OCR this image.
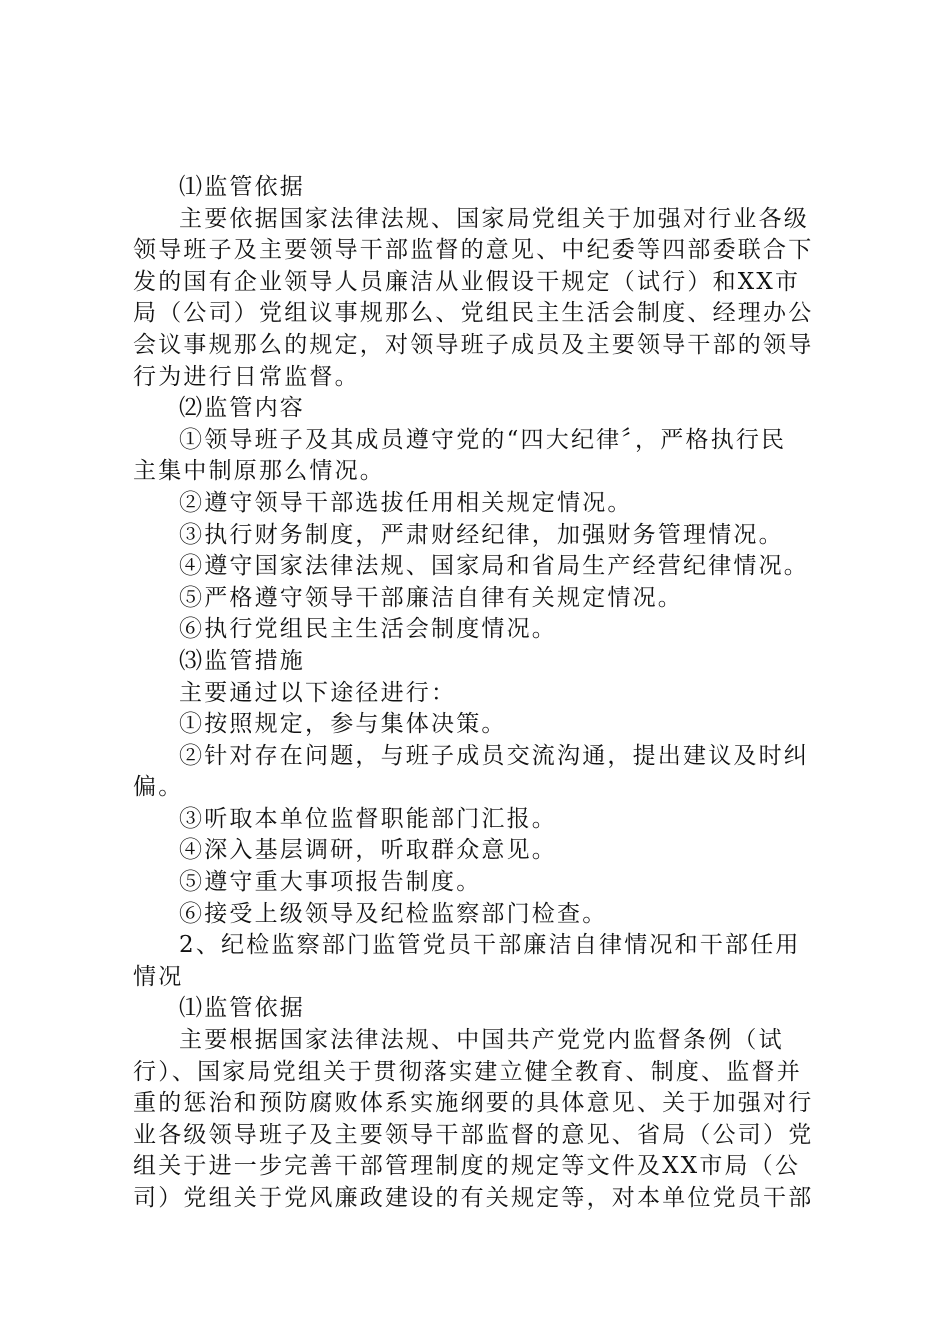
⑴监管依据
主要依据国家法律法规、国家局党组关于加强对行业各级
领导班子及主要领导干部监督的意见、中纪委等四部委联合下
发的国有企业领导人员廉洁从业假设干规定（试行）和XX市
局（公司）党组议事规那么、党组民主生活会制度、经理办公
会议事规那么的规定，对领导班子成员及主要领导干部的领导
行为进行日常监督。
⑵监管内容
①领导班子及其成员遵守党的“四大纪律〞，严格执行民
主集中制原那么情况。
②遵守领导干部选拔任用相关规定情况。
③执行财务制度，严肃财经纪律，加强财务管理情况。
④遵守国家法律法规、国家局和省局生产经营纪律情况。
⑤严格遵守领导干部廉洁自律有关规定情况。
⑥执行党组民主生活会制度情况。
⑶监管措施
主要通过以下途径进行：
①按照规定，参与集体决策。
②针对存在问题，与班子成员交流沟通，提出建议及时纠
偏。
③听取本单位监督职能部门汇报。
④深入基层调研，听取群众意见。
⑤遵守重大事项报告制度。
⑥接受上级领导及纪检监察部门检查。
2、纪检监察部门监管党员干部廉洁自律情况和干部任用
情况
⑴监管依据
主要根据国家法律法规、中国共产党党内监督条例（试
行）、国家局党组关于贯彻落实建立健全教育、制度、监督并
重的惩治和预防腐败体系实施纲要的具体意见、关于加强对行
业各级领导班子及主要领导干部监督的意见、省局（公司）党
组关于进一步完善干部管理制度的规定等文件及XX市局（公
司）党组关于党风廉政建设的有关规定等，对本单位党员干部
